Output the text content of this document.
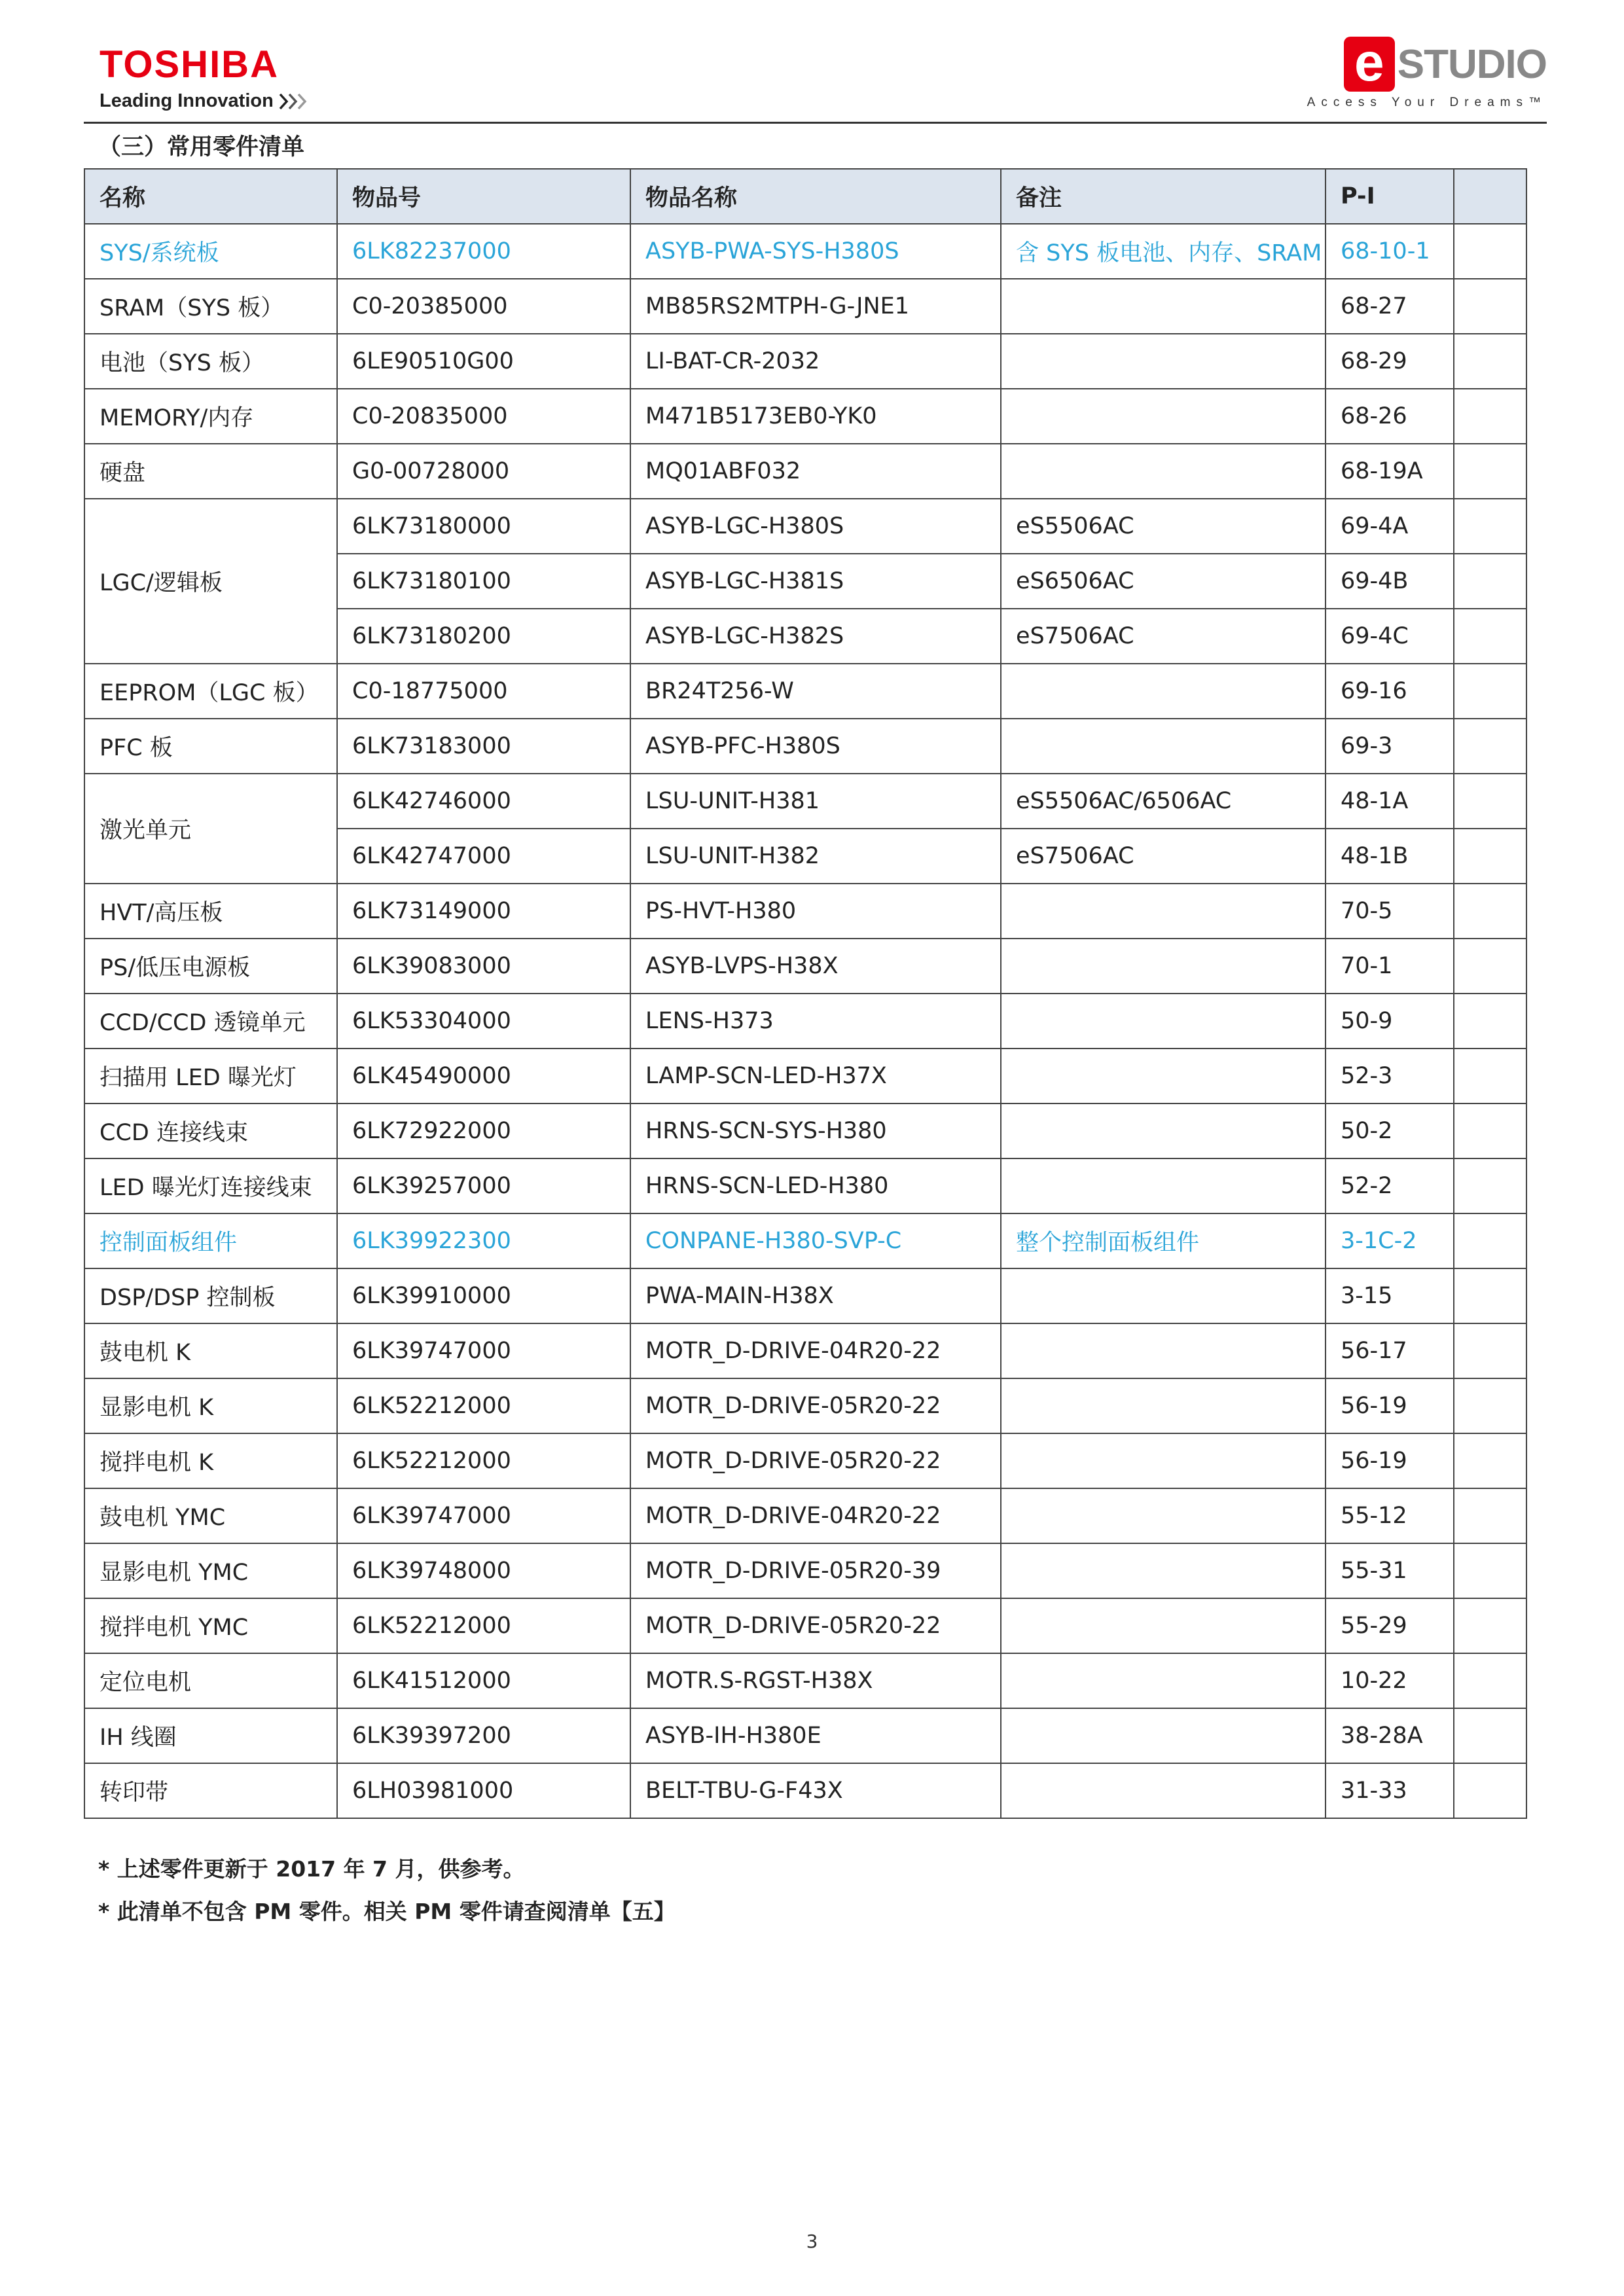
TOSHIBA
Leading Innovation
e STUDIO
Access Your Dreams™
（三）常用零件清单
名称	物品号	物品名称	备注	P-I	
SYS/系统板	6LK82237000	ASYB-PWA-SYS-H380S	含 SYS 板电池、内存、SRAM	68-10-1	
SRAM（SYS 板）	C0-20385000	MB85RS2MTPH-G-JNE1		68-27	
电池（SYS 板）	6LE90510G00	LI-BAT-CR-2032		68-29	
MEMORY/内存	C0-20835000	M471B5173EB0-YK0		68-26	
硬盘	G0-00728000	MQ01ABF032		68-19A	
LGC/逻辑板	6LK73180000	ASYB-LGC-H380S	eS5506AC	69-4A	
	6LK73180100	ASYB-LGC-H381S	eS6506AC	69-4B	
	6LK73180200	ASYB-LGC-H382S	eS7506AC	69-4C	
EEPROM（LGC 板）	C0-18775000	BR24T256-W		69-16	
PFC 板	6LK73183000	ASYB-PFC-H380S		69-3	
激光单元	6LK42746000	LSU-UNIT-H381	eS5506AC/6506AC	48-1A	
	6LK42747000	LSU-UNIT-H382	eS7506AC	48-1B	
HVT/高压板	6LK73149000	PS-HVT-H380		70-5	
PS/低压电源板	6LK39083000	ASYB-LVPS-H38X		70-1	
CCD/CCD 透镜单元	6LK53304000	LENS-H373		50-9	
扫描用 LED 曝光灯	6LK45490000	LAMP-SCN-LED-H37X		52-3	
CCD 连接线束	6LK72922000	HRNS-SCN-SYS-H380		50-2	
LED 曝光灯连接线束	6LK39257000	HRNS-SCN-LED-H380		52-2	
控制面板组件	6LK39922300	CONPANE-H380-SVP-C	整个控制面板组件	3-1C-2	
DSP/DSP 控制板	6LK39910000	PWA-MAIN-H38X		3-15	
鼓电机 K	6LK39747000	MOTR_D-DRIVE-04R20-22		56-17	
显影电机 K	6LK52212000	MOTR_D-DRIVE-05R20-22		56-19	
搅拌电机 K	6LK52212000	MOTR_D-DRIVE-05R20-22		56-19	
鼓电机 YMC	6LK39747000	MOTR_D-DRIVE-04R20-22		55-12	
显影电机 YMC	6LK39748000	MOTR_D-DRIVE-05R20-39		55-31	
搅拌电机 YMC	6LK52212000	MOTR_D-DRIVE-05R20-22		55-29	
定位电机	6LK41512000	MOTR.S-RGST-H38X		10-22	
IH 线圈	6LK39397200	ASYB-IH-H380E		38-28A	
转印带	6LH03981000	BELT-TBU-G-F43X		31-33	
* 上述零件更新于 2017 年 7 月，供参考。
* 此清单不包含 PM 零件。相关 PM 零件请查阅清单【五】
3
